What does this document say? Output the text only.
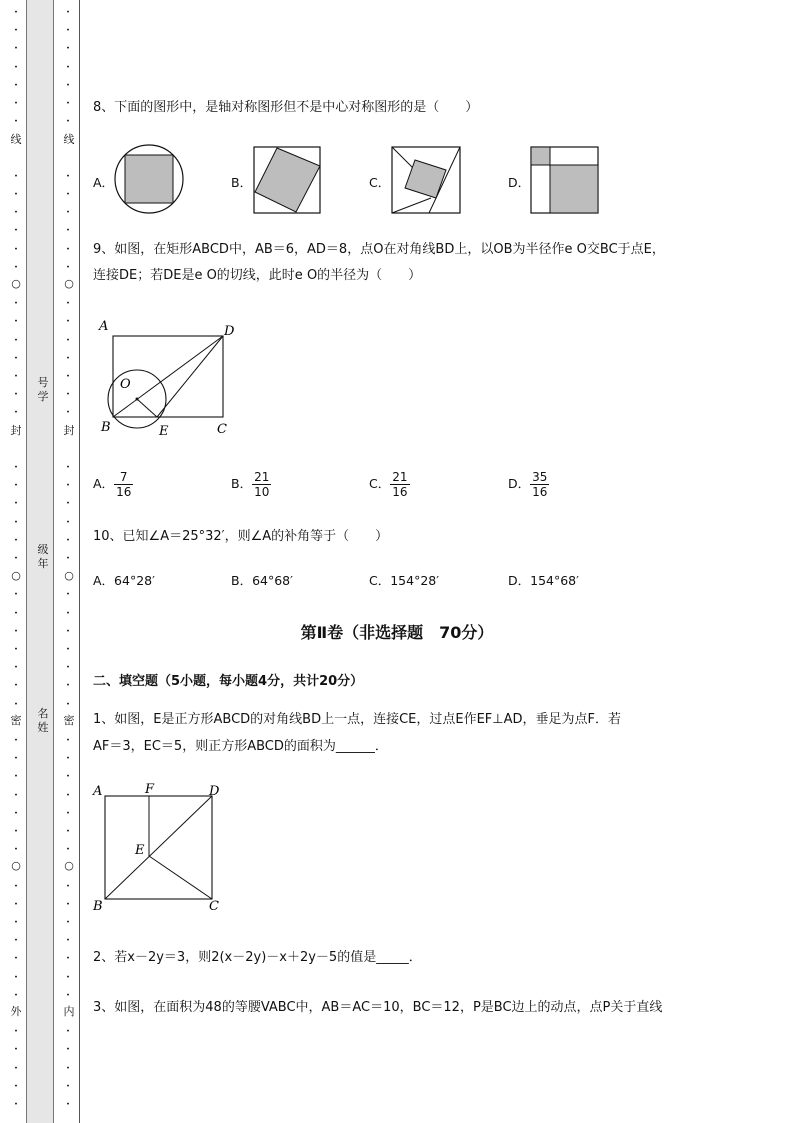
·
·
·
·
·
·
·
·
·
·
·
·
·
·
·
·
·
·
·
·
·
·
·
·
·
·
·
·
·
·
·
·
·
·
·
·
·
·
·
·
·
·
·
·
·
·
·
·
·
·
·
·
·
·
·
·
·
·
·
·
·
·
·
·
·
·
·
·
·
·
·
·
·
·
·
·
·
·
·
·
·
·
·
·
·
·
·
·
·
·
·
·
·
·
·
·
·
·
·
·
·
·
·
·
线
○
封
○
密
○
外
线
○
封
○
密
○
内
号学
级年
名姓
8、下面的图形中，是轴对称图形但不是中心对称图形的是（　　）
A．	B．	C．	D．
9、如图，在矩形ABCD中，AB＝6，AD＝8，点O在对角线BD上，以OB为半径作e O交BC于点E，
连接DE；若DE是e O的切线，此时e O的半径为（　　）
A	D
O
B	E	C
A． $\frac{7}{16}$	B． $\frac{21}{10}$	C． $\frac{21}{16}$	D． $\frac{35}{16}$
10、已知∠A＝25°32′，则∠A的补角等于（　　）
A．64°28′	B．64°68′	C．154°28′	D．154°68′
第Ⅱ卷（非选择题　70分）
二、填空题（5小题，每小题4分，共计20分）
1、如图，E是正方形ABCD的对角线BD上一点，连接CE，过点E作EF⊥AD，垂足为点F．若
AF＝3，EC＝5，则正方形ABCD的面积为______．
A	F	D
E
B	C
2、若x－2y＝3，则2(x－2y)－x＋2y－5的值是_____．
3、如图，在面积为48的等腰VABC中，AB＝AC＝10，BC＝12，P是BC边上的动点，点P关于直线
